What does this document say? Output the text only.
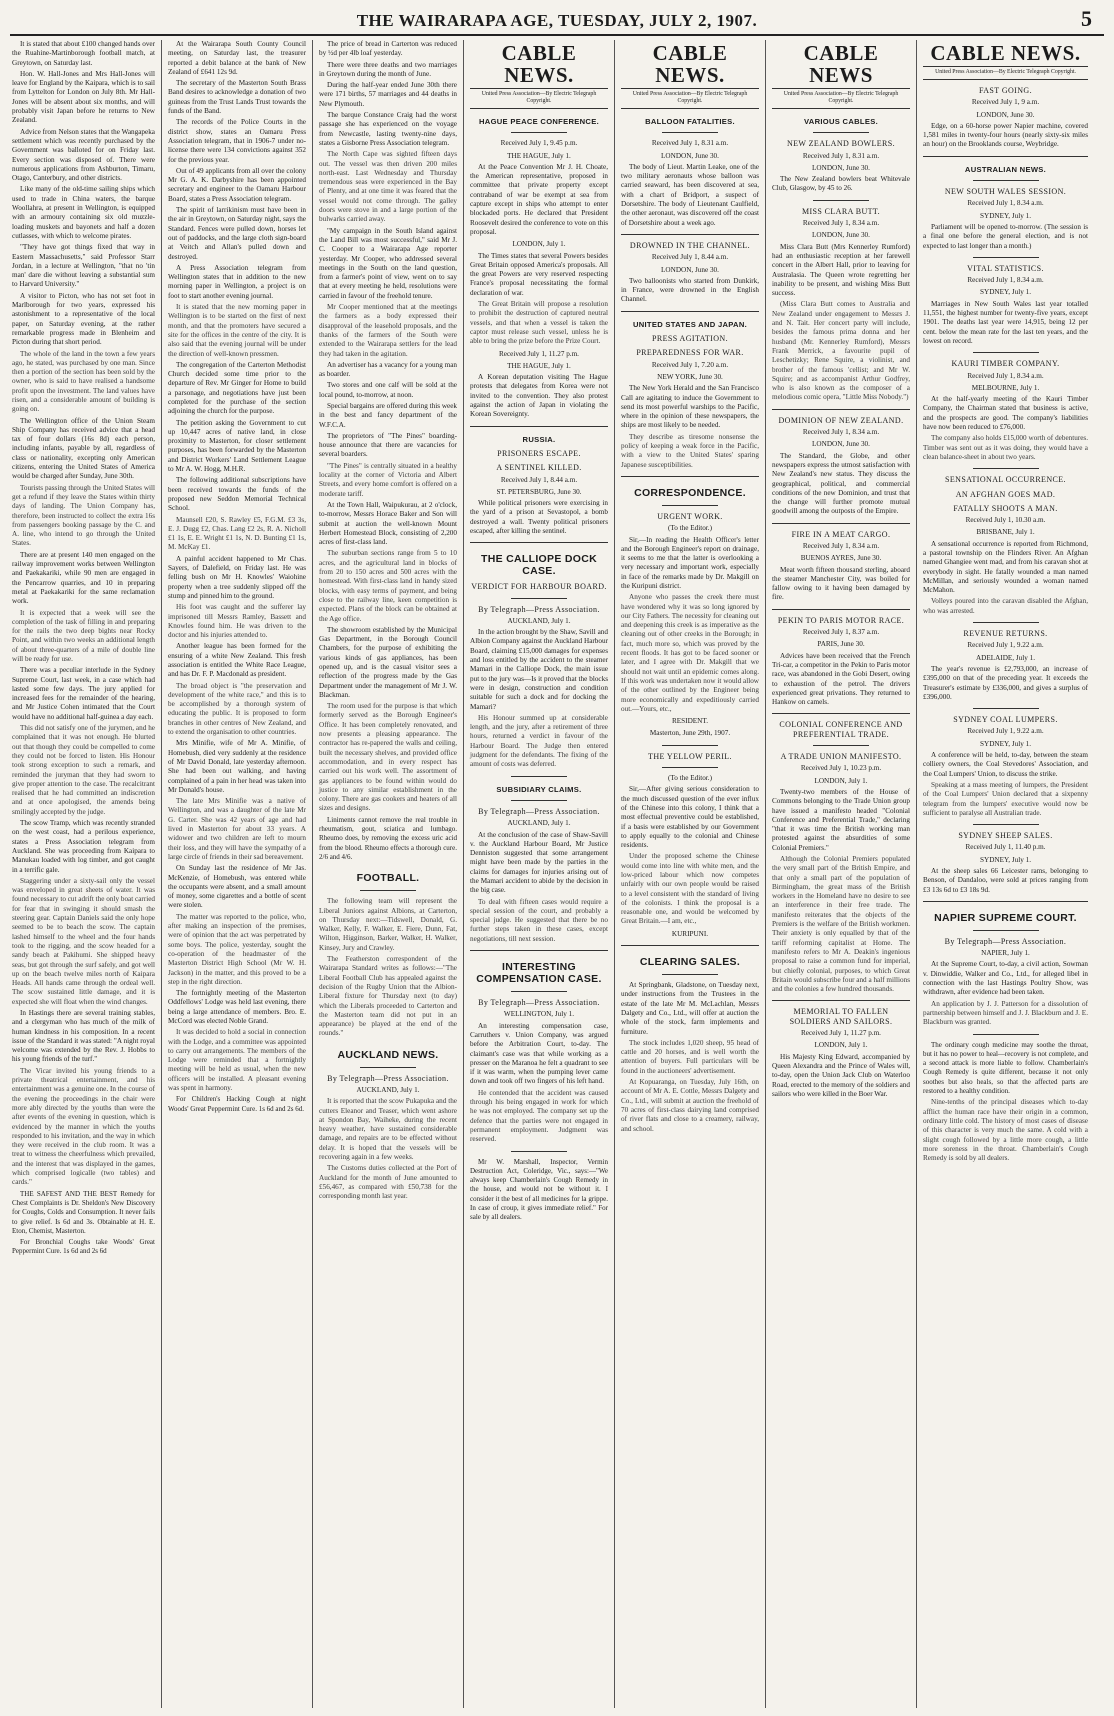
THE WAIRARAPA AGE, TUESDAY, JULY 2, 1907.	5

It is stated that about £100 changed hands over the Ruahine-Martinborough football match, at Greytown, on Saturday last.

Hon. W. Hall-Jones and Mrs Hall-Jones will leave for England by the Kaipara, which is to sail from Lyttelton for London on July 8th. Mr Hall-Jones will be absent about six months, and will probably visit Japan before he returns to New Zealand.

Advice from Nelson states that the Wangapeka settlement which was recently purchased by the Government was balloted for on Friday last. Every section was disposed of. There were numerous applications from Ashburton, Timaru, Otago, Canterbury, and other districts.

Like many of the old-time sailing ships which used to trade in China waters, the barque Woollahra, at present in Wellington, is equipped with an armoury containing six old muzzle-loading muskets and bayonets and half a dozen cutlasses, with which to welcome pirates.

"They have got things fixed that way in Eastern Massachusetts," said Professor Starr Jordan, in a lecture at Wellington, "that no 'tin man' dare die without leaving a substantial sum to Harvard University."

A visitor to Picton, who has not set foot in Marlborough for two years, expressed his astonishment to a representative of the local paper, on Saturday evening, at the rather remarkable progress made in Blenheim and Picton during that short period.

The whole of the land in the town a few years ago, he stated, was purchased by one man. Since then a portion of the section has been sold by the owner, who is said to have realised a handsome profit upon the investment. The land values have risen, and a considerable amount of building is going on.

The Wellington office of the Union Steam Ship Company has received advice that a head tax of four dollars (16s 8d) each person, including infants, payable by all, regardless of class or nationality, excepting only American citizens, entering the United States of America would be charged after Sunday, June 30th.

Tourists passing through the United States will get a refund if they leave the States within thirty days of landing. The Union Company has, therefore, been instructed to collect the extra 16s from passengers booking passage by the C. and A. line, who intend to go through the United States.

There are at present 140 men engaged on the railway improvement works between Wellington and Paekakariki, while 90 men are engaged in the Pencarrow quarries, and 10 in preparing metal at Paekakariki for the same reclamation work.

It is expected that a week will see the completion of the task of filling in and preparing for the rails the two deep bights near Rocky Point, and within two weeks an additional length of about three-quarters of a mile of double line will be ready for use.

There was a peculiar interlude in the Sydney Supreme Court, last week, in a case which had lasted some few days. The jury applied for increased fees for the remainder of the hearing, and Mr Justice Cohen intimated that the Court would have no additional half-guinea a day each.

This did not satisfy one of the jurymen, and he complained that it was not enough. He blurted out that though they could be compelled to come they could not be forced to listen. His Honour took strong exception to such a remark, and reminded the juryman that they had sworn to give proper attention to the case. The recalcitrant realised that he had committed an indiscretion and at once apologised, the amends being smilingly accepted by the judge.

The scow Tramp, which was recently stranded on the west coast, had a perilous experience, states a Press Association telegram from Auckland. She was proceeding from Kaipara to Manukau loaded with log timber, and got caught in a terrific gale.

Staggering under a sixty-sail only the vessel was enveloped in great sheets of water. It was found necessary to cut adrift the only boat carried for fear that in swinging it should smash the steering gear. Captain Daniels said the only hope seemed to be to beach the scow. The captain lashed himself to the wheel and the four hands took to the rigging, and the scow headed for a sandy beach at Pakihumi. She shipped heavy seas, but got through the surf safely, and got well up on the beach twelve miles north of Kaipara Heads. All hands came through the ordeal well. The scow sustained little damage, and it is expected she will float when the wind changes.

In Hastings there are several training stables, and a clergyman who has much of the milk of human kindness in his composition. In a recent issue of the Standard it was stated: "A night royal welcome was extended by the Rev. J. Hobbs to his young friends of the turf."

The Vicar invited his young friends to a private theatrical entertainment, and his entertainment was a genuine one. In the course of the evening the proceedings in the chair were more ably directed by the youths than were the after events of the evening in question, which is evidenced by the manner in which the youths responded to his invitation, and the way in which they were received in the club room. It was a treat to witness the cheerfulness which prevailed, and the interest that was displayed in the games, which comprised logicalle (two tables) and cards."

THE SAFEST AND THE BEST Remedy for Chest Complaints is Dr. Sheldon's New Discovery for Coughs, Colds and Consumption. It never fails to give relief. Is 6d and 3s. Obtainable at H. E. Eton, Chemist, Masterton.

For Bronchial Coughs take Woods' Great Peppermint Cure. 1s 6d and 2s 6d

At the Wairarapa South County Council meeting, on Saturday last, the treasurer reported a debit balance at the bank of New Zealand of £641 12s 9d.

The secretary of the Masterton South Brass Band desires to acknowledge a donation of two guineas from the Trust Lands Trust towards the funds of the Band.

The records of the Police Courts in the district show, states an Oamaru Press Association telegram, that in 1906-7 under no-license there were 134 convictions against 352 for the previous year.

Out of 49 applicants from all over the colony Mr G. A. K. Darbyshire has been appointed secretary and engineer to the Oamaru Harbour Board, states a Press Association telegram.

The spirit of larrikinism must have been in the air in Greytown, on Saturday night, says the Standard. Fences were pulled down, horses let out of paddocks, and the large cloth sign-board at Veitch and Allan's pulled down and destroyed.

A Press Association telegram from Wellington states that in addition to the new morning paper in Wellington, a project is on foot to start another evening journal.

It is stated that the new morning paper in Wellington is to be started on the first of next month, and that the promoters have secured a site for the offices in the centre of the city. It is also said that the evening journal will be under the direction of well-known pressmen.

The congregation of the Carterton Methodist Church decided some time prior to the departure of Rev. Mr Ginger for Home to build a parsonage, and negotiations have just been completed for the purchase of the section adjoining the church for the purpose.

The petition asking the Government to cut up 10,447 acres of native land, in close proximity to Masterton, for closer settlement purposes, has been forwarded by the Masterton and District Workers' Land Settlement League to Mr A. W. Hogg, M.H.R.

The following additional subscriptions have been received towards the funds of the proposed new Seddon Memorial Technical School.

Maunsell £20, S. Rawley £5, F.G.M. £3 3s, E. J. Dugg £2, Chas. Lang £2 2s, R. A. Nicholl £1 1s, E. E. Wright £1 1s, N. D. Bunting £1 1s, M. McKay £1.

A painful accident happened to Mr Chas. Sayers, of Dalefield, on Friday last. He was felling bush on Mr H. Knowles' Waiohine property when a tree suddenly slipped off the stump and pinned him to the ground.

His foot was caught and the sufferer lay imprisoned till Messrs Ramley, Bassett and Knowles found him. He was driven to the doctor and his injuries attended to.

Another league has been formed for the ensuring of a white New Zealand. This fresh association is entitled the White Race League, and has Dr. F. P. Macdonald as president.

The broad object is "the preservation and development of the white race," and this is to be accomplished by a thorough system of educating the public. It is proposed to form branches in other centres of New Zealand, and to extend the organisation to other countries.

Mrs Minifie, wife of Mr A. Minifie, of Homebush, died very suddenly at the residence of Mr David Donald, late yesterday afternoon. She had been out walking, and having complained of a pain in her head was taken into Mr Donald's house.

The late Mrs Minifie was a native of Wellington, and was a daughter of the late Mr G. Carter. She was 42 years of age and had lived in Masterton for about 33 years. A widower and two children are left to mourn their loss, and they will have the sympathy of a large circle of friends in their sad bereavement.

On Sunday last the residence of Mr Jas. McKenzie, of Homebush, was entered while the occupants were absent, and a small amount of money, some cigarettes and a bottle of scent were stolen.

The matter was reported to the police, who, after making an inspection of the premises, were of opinion that the act was perpetrated by some boys. The police, yesterday, sought the co-operation of the headmaster of the Masterton District High School (Mr W. H. Jackson) in the matter, and this proved to be a step in the right direction.

The fortnightly meeting of the Masterton Oddfellows' Lodge was held last evening, there being a large attendance of members. Bro. E. McCord was elected Noble Grand.

It was decided to hold a social in connection with the Lodge, and a committee was appointed to carry out arrangements. The members of the Lodge were reminded that a fortnightly meeting will be held as usual, when the new officers will be installed. A pleasant evening was spent in harmony.

For Children's Hacking Cough at night Woods' Great Peppermint Cure. 1s 6d and 2s 6d.

The price of bread in Carterton was reduced by ½d per 4lb loaf yesterday.

There were three deaths and two marriages in Greytown during the month of June.

During the half-year ended June 30th there were 171 births, 57 marriages and 44 deaths in New Plymouth.

The barque Constance Craig had the worst passage she has experienced on the voyage from Newcastle, lasting twenty-nine days, states a Gisborne Press Association telegram.

The North Cape was sighted fifteen days out. The vessel was then driven 200 miles north-east. Last Wednesday and Thursday tremendous seas were experienced in the Bay of Plenty, and at one time it was feared that the vessel would not come through. The galley doors were stove in and a large portion of the bulwarks carried away.

"My campaign in the South Island against the Land Bill was most successful," said Mr J. C. Cooper to a Wairarapa Age reporter yesterday. Mr Cooper, who addressed several meetings in the South on the land question, from a farmer's point of view, went on to say that at every meeting he held, resolutions were carried in favour of the freehold tenure.

Mr Cooper mentioned that at the meetings the farmers as a body expressed their disapproval of the leasehold proposals, and the thanks of the farmers of the South were extended to the Wairarapa settlers for the lead they had taken in the agitation.

An advertiser has a vacancy for a young man as boarder.

Two stores and one calf will be sold at the local pound, to-morrow, at noon.

Special bargains are offered during this week in the best and fancy department of the W.F.C.A.

The proprietors of "The Pines" boarding-house announce that there are vacancies for several boarders.

"The Pines" is centrally situated in a healthy locality at the corner of Victoria and Albert Streets, and every home comfort is offered on a moderate tariff.

At the Town Hall, Waipukurau, at 2 o'clock, to-morrow, Messrs Horace Baker and Son will submit at auction the well-known Mount Herbert Homestead Block, consisting of 2,200 acres of first-class land.

The suburban sections range from 5 to 10 acres, and the agricultural land in blocks of from 20 to 150 acres and 500 acres with the homestead. With first-class land in handy sized blocks, with easy terms of payment, and being close to the railway line, keen competition is expected. Plans of the block can be obtained at the Age office.

The showroom established by the Municipal Gas Department, in the Borough Council Chambers, for the purpose of exhibiting the various kinds of gas appliances, has been opened up, and is the casual visitor sees a reflection of the progress made by the Gas Department under the management of Mr J. W. Blackman.

The room used for the purpose is that which formerly served as the Borough Engineer's Office. It has been completely renovated, and now presents a pleasing appearance. The contractor has re-papered the walls and ceiling, built the necessary shelves, and provided office accommodation, and in every respect has carried out his work well. The assortment of gas appliances to be found within would do justice to any similar establishment in the colony. There are gas cookers and heaters of all sizes and designs.

Liniments cannot remove the real trouble in rheumatism, gout, sciatica and lumbago. Rheumo does, by removing the excess uric acid from the blood. Rheumo effects a thorough cure. 2/6 and 4/6.

FOOTBALL.

The following team will represent the Liberal Juniors against Albions, at Carterton, on Thursday next:—Tidswell, Donald, G. Walker, Kelly, F. Walker, E. Fiere, Dunn, Fat, Wilton, Higginson, Barker, Walker, H. Walker, Kinsey, Jury and Crawley.

The Featherston correspondent of the Wairarapa Standard writes as follows:—"The Liberal Football Club has appealed against the decision of the Rugby Union that the Albion-Liberal fixture for Thursday next (to day) which the Liberals proceeded to Carterton and the Masterton team did not put in an appearance) be played at the end of the rounds."

AUCKLAND NEWS.
By Telegraph—Press Association.
AUCKLAND, July 1.

It is reported that the scow Pukapuka and the cutters Eleanor and Teaser, which went ashore at Spondon Bay, Waiheke, during the recent heavy weather, have sustained considerable damage, and repairs are to be effected without delay. It is hoped that the vessels will be recovering again in a few weeks.

The Customs duties collected at the Port of Auckland for the month of June amounted to £56,467, as compared with £50,738 for the corresponding month last year.

CABLE NEWS.
United Press Association—By Electric Telegraph Copyright.
HAGUE PEACE CONFERENCE.
Received July 1, 9.45 p.m.
THE HAGUE, July 1.

At the Peace Convention Mr J. H. Choate, the American representative, proposed in committee that private property except contraband of war be exempt at sea from capture except in ships who attempt to enter blockaded ports. He declared that President Roosevelt desired the conference to vote on this proposal.

LONDON, July 1.

The Times states that several Powers besides Great Britain opposed America's proposals. All the great Powers are very reserved respecting France's proposal necessitating the formal declaration of war.

The Great Britain will propose a resolution to prohibit the destruction of captured neutral vessels, and that when a vessel is taken the captor must release such vessel, unless he is able to bring the prize before the Prize Court.

Received July 1, 11.27 p.m.
THE HAGUE, July 1.

A Korean deputation visiting The Hague protests that delegates from Korea were not invited to the convention. They also protest against the action of Japan in violating the Korean Sovereignty.

RUSSIA.
PRISONERS ESCAPE.
A SENTINEL KILLED.
Received July 1, 8.44 a.m.
ST. PETERSBURG, June 30.

While political prisoners were exercising in the yard of a prison at Sevastopol, a bomb destroyed a wall. Twenty political prisoners escaped, after killing the sentinel.

THE CALLIOPE DOCK CASE.
VERDICT FOR HARBOUR BOARD.
By Telegraph—Press Association.
AUCKLAND, July 1.

In the action brought by the Shaw, Savill and Albion Company against the Auckland Harbour Board, claiming £15,000 damages for expenses and loss entitled by the accident to the steamer Mamari in the Calliope Dock, the main issue put to the jury was—Is it proved that the blocks were in design, construction and condition suitable for such a dock and for docking the Mamari?

His Honour summed up at considerable length, and the jury, after a retirement of three hours, returned a verdict in favour of the Harbour Board. The Judge then entered judgment for the defendants. The fixing of the amount of costs was deferred.

SUBSIDIARY CLAIMS.
By Telegraph—Press Association.
AUCKLAND, July 1.

At the conclusion of the case of Shaw-Savill v. the Auckland Harbour Board, Mr Justice Denniston suggested that some arrangement might have been made by the parties in the claims for damages for injuries arising out of the Mamari accident to abide by the decision in the big case.

To deal with fifteen cases would require a special session of the court, and probably a special judge. He suggested that there be no further steps taken in these cases, except negotiations, till next session.

INTERESTING COMPENSATION CASE.
By Telegraph—Press Association.
WELLINGTON, July 1.

An interesting compensation case, Carruthers v. Union Company, was argued before the Arbitration Court, to-day. The claimant's case was that while working as a presser on the Maranoa he felt a quadrant to see if it was warm, when the pumping lever came down and took off two fingers of his left hand.

He contended that the accident was caused through his being engaged in work for which he was not employed. The company set up the defence that the parties were not engaged in permanent employment. Judgment was reserved.

Mr W. Marshall, Inspector, Vermin Destruction Act, Coleridge, Vic., says:—"We always keep Chamberlain's Cough Remedy in the house, and would not be without it. I consider it the best of all medicines for la grippe. In case of croup, it gives immediate relief." For sale by all dealers.

CABLE NEWS.
United Press Association—By Electric Telegraph Copyright.
BALLOON FATALITIES.
Received July 1, 8.31 a.m.
LONDON, June 30.

The body of Lieut. Martin Leake, one of the two military aeronauts whose balloon was carried seaward, has been discovered at sea, with a chart of Bridport, a suspect of Dorsetshire. The body of Lieutenant Caulfield, the other aeronaut, was discovered off the coast of Dorsetshire about a week ago.

DROWNED IN THE CHANNEL.
Received July 1, 8.44 a.m.
LONDON, June 30.

Two balloonists who started from Dunkirk, in France, were drowned in the English Channel.

UNITED STATES AND JAPAN.
PRESS AGITATION.
PREPAREDNESS FOR WAR.
Received July 1, 7.20 a.m.
NEW YORK, June 30.

The New York Herald and the San Francisco Call are agitating to induce the Government to send its most powerful warships to the Pacific, where in the opinion of these newspapers, the ships are most likely to be needed.

They describe as tiresome nonsense the policy of keeping a weak force in the Pacific, with a view to the United States' sparing Japanese susceptibilities.

CORRESPONDENCE.
URGENT WORK.
(To the Editor.)

Sir,—In reading the Health Officer's letter and the Borough Engineer's report on drainage, it seems to me that the latter is overlooking a very necessary and important work, especially in face of the remarks made by Dr. Makgill on the Kuripuni district.

Anyone who passes the creek there must have wondered why it was so long ignored by our City Fathers. The necessity for cleaning out and deepening this creek is as imperative as the cleaning out of other creeks in the Borough; in fact, much more so, which was proved by the recent floods. It has got to be faced sooner or later, and I agree with Dr. Makgill that we should not wait until an epidemic comes along. If this work was undertaken now it would allow of the other outlined by the Engineer being more economically and expeditiously carried out.—Yours, etc.,

RESIDENT.
Masterton, June 29th, 1907.
THE YELLOW PERIL.
(To the Editor.)

Sir,—After giving serious consideration to the much discussed question of the ever influx of the Chinese into this colony, I think that a most effectual preventive could be established, if a basis were established by our Government to apply equally to the colonial and Chinese residents.

Under the proposed scheme the Chinese would come into line with white men, and the low-priced labour which now competes unfairly with our own people would be raised to a level consistent with the standard of living of the colonists. I think the proposal is a reasonable one, and would be welcomed by Great Britain.—I am, etc.,

KURIPUNI.
CLEARING SALES.

At Springbank, Gladstone, on Tuesday next, under instructions from the Trustees in the estate of the late Mr M. McLachlan, Messrs Dalgety and Co., Ltd., will offer at auction the whole of the stock, farm implements and furniture.

The stock includes 1,020 sheep, 95 head of cattle and 20 horses, and is well worth the attention of buyers. Full particulars will be found in the auctioneers' advertisement.

At Kopuaranga, on Tuesday, July 16th, on account of Mr A. E. Cottle, Messrs Dalgety and Co., Ltd., will submit at auction the freehold of 70 acres of first-class dairying land comprised of river flats and close to a creamery, railway, and school.

CABLE NEWS
United Press Association—By Electric Telegraph Copyright.
VARIOUS CABLES.
NEW ZEALAND BOWLERS.
Received July 1, 8.31 a.m.
LONDON, June 30.

The New Zealand bowlers beat Whitevale Club, Glasgow, by 45 to 26.

MISS CLARA BUTT.
Received July 1, 8.34 a.m.
LONDON, June 30.

Miss Clara Butt (Mrs Kennerley Rumford) had an enthusiastic reception at her farewell concert in the Albert Hall, prior to leaving for Australasia. The Queen wrote regretting her inability to be present, and wishing Miss Butt success.

(Miss Clara Butt comes to Australia and New Zealand under engagement to Messrs J. and N. Tait. Her concert party will include, besides the famous prima donna and her husband (Mr. Kennerley Rumford), Messrs Frank Merrick, a favourite pupil of Leschetizky; Rene Squire, a violinist, and brother of the famous 'cellist; and Mr W. Squire; and as accompanist Arthur Godfrey, who is also known as the composer of a melodious comic opera, "Little Miss Nobody.")

DOMINION OF NEW ZEALAND.
Received July 1, 8.34 a.m.
LONDON, June 30.

The Standard, the Globe, and other newspapers express the utmost satisfaction with New Zealand's new status. They discuss the geographical, political, and commercial conditions of the new Dominion, and trust that the change will further promote mutual goodwill among the outposts of the Empire.

FIRE IN A MEAT CARGO.
Received July 1, 8.34 a.m.
BUENOS AYRES, June 30.

Meat worth fifteen thousand sterling, aboard the steamer Manchester City, was boiled for fallow owing to it having been damaged by fire.

PEKIN TO PARIS MOTOR RACE.
Received July 1, 8.37 a.m.
PARIS, June 30.

Advices have been received that the French Tri-car, a competitor in the Pekin to Paris motor race, was abandoned in the Gobi Desert, owing to exhaustion of the petrol. The drivers experienced great privations. They returned to Hankow on camels.

COLONIAL CONFERENCE AND PREFERENTIAL TRADE.
A TRADE UNION MANIFESTO.
Received July 1, 10.23 p.m.
LONDON, July 1.

Twenty-two members of the House of Commons belonging to the Trade Union group have issued a manifesto headed "Colonial Conference and Preferential Trade," declaring "that it was time the British working man protested against the absurdities of some Colonial Premiers."

Although the Colonial Premiers populated the very small part of the British Empire, and that only a small part of the population of Birmingham, the great mass of the British workers in the Homeland have no desire to see an interference in their free trade. The manifesto reiterates that the objects of the Premiers is the welfare of the British workmen. Their anxiety is only equalled by that of the tariff reforming capitalist at Home. The manifesto refers to Mr A. Deakin's ingenious proposal to raise a common fund for imperial, but chiefly colonial, purposes, to which Great Britain would subscribe four and a half millions and the colonies a few hundred thousands.

MEMORIAL TO FALLEN SOLDIERS AND SAILORS.
Received July 1, 11.27 p.m.
LONDON, July 1.

His Majesty King Edward, accompanied by Queen Alexandra and the Prince of Wales will, to-day, open the Union Jack Club on Waterloo Road, erected to the memory of the soldiers and sailors who were killed in the Boer War.

CABLE NEWS.
United Press Association—By Electric Telegraph Copyright.
FAST GOING.
Received July 1, 9 a.m.
LONDON, June 30.

Edge, on a 60-horse power Napier machine, covered 1,581 miles in twenty-four hours (nearly sixty-six miles an hour) on the Brooklands course, Weybridge.

AUSTRALIAN NEWS.
NEW SOUTH WALES SESSION.
Received July 1, 8.34 a.m.
SYDNEY, July 1.

Parliament will be opened to-morrow. (The session is a final one before the general election, and is not expected to last longer than a month.)

VITAL STATISTICS.
Received July 1, 8.34 a.m.
SYDNEY, July 1.

Marriages in New South Wales last year totalled 11,551, the highest number for twenty-five years, except 1901. The deaths last year were 14,915, being 12 per cent. below the mean rate for the last ten years, and the lowest on record.

KAURI TIMBER COMPANY.
Received July 1, 8.34 a.m.
MELBOURNE, July 1.

At the half-yearly meeting of the Kauri Timber Company, the Chairman stated that business is active, and the prospects are good. The company's liabilities have now been reduced to £76,000.

The company also holds £15,000 worth of debentures. Timber was sent out as it was doing, they would have a clean balance-sheet in about two years.

SENSATIONAL OCCURRENCE.
AN AFGHAN GOES MAD.
FATALLY SHOOTS A MAN.
Received July 1, 10.30 a.m.
BRISBANE, July 1.

A sensational occurrence is reported from Richmond, a pastoral township on the Flinders River. An Afghan named Ghangiee went mad, and from his caravan shot at everybody in sight. He fatally wounded a man named McMillan, and seriously wounded a woman named McMahon.

Volleys poured into the caravan disabled the Afghan, who was arrested.

REVENUE RETURNS.
Received July 1, 9.22 a.m.
ADELAIDE, July 1.

The year's revenue is £2,793,000, an increase of £395,000 on that of the preceding year. It exceeds the Treasurer's estimate by £336,000, and gives a surplus of £396,000.

SYDNEY COAL LUMPERS.
Received July 1, 9.22 a.m.
SYDNEY, July 1.

A conference will be held, to-day, between the steam colliery owners, the Coal Stevedores' Association, and the Coal Lumpers' Union, to discuss the strike.

Speaking at a mass meeting of lumpers, the President of the Coal Lumpers' Union declared that a sixpenny telegram from the lumpers' executive would now be sufficient to paralyse all Australian trade.

SYDNEY SHEEP SALES.
Received July 1, 11.40 p.m.
SYDNEY, July 1.

At the sheep sales 66 Leicester rams, belonging to Benson, of Dandaloo, were sold at prices ranging from £3 13s 6d to £3 18s 9d.

NAPIER SUPREME COURT.
By Telegraph—Press Association.
NAPIER, July 1.

At the Supreme Court, to-day, a civil action, Sowman v. Dinwiddie, Walker and Co., Ltd., for alleged libel in connection with the last Hastings Poultry Show, was withdrawn, after evidence had been taken.

An application by J. J. Patterson for a dissolution of partnership between himself and J. J. Blackburn and J. E. Blackburn was granted.

The ordinary cough medicine may soothe the throat, but it has no power to heal—recovery is not complete, and a second attack is more liable to follow. Chamberlain's Cough Remedy is quite different, because it not only soothes but also heals, so that the affected parts are restored to a healthy condition.

Nine-tenths of the principal diseases which to-day afflict the human race have their origin in a common, ordinary little cold. The history of most cases of disease of this character is very much the same. A cold with a slight cough followed by a little more cough, a little more soreness in the throat. Chamberlain's Cough Remedy is sold by all dealers.
